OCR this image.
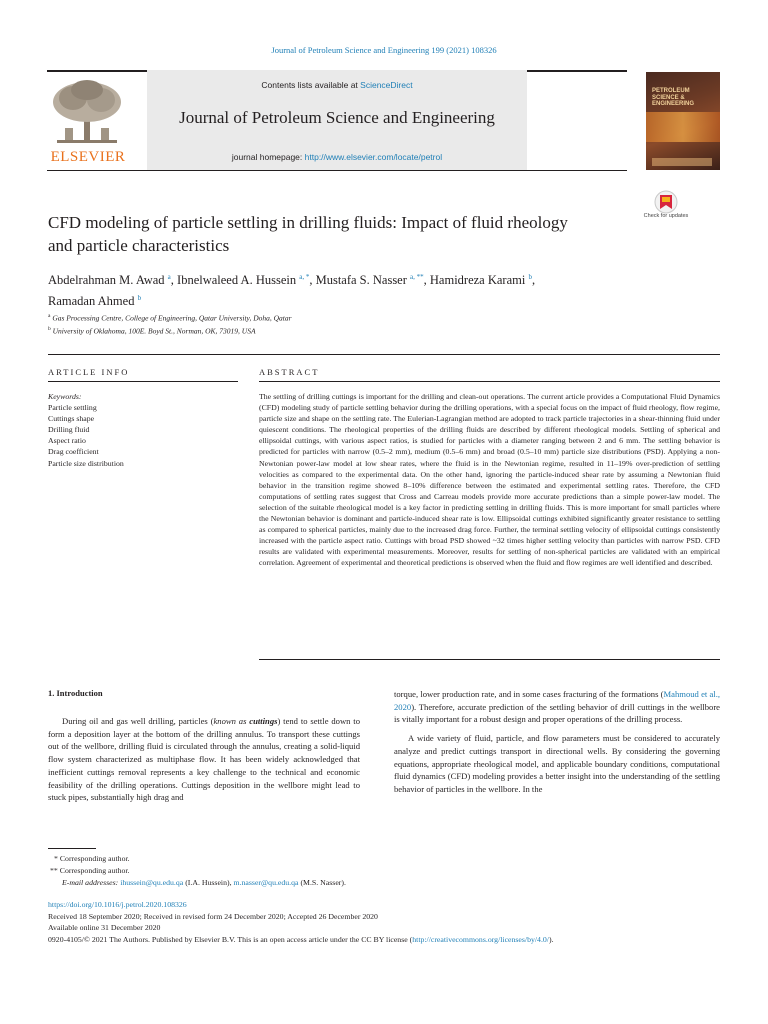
Journal of Petroleum Science and Engineering 199 (2021) 108326
ELSEVIER
Contents lists available at ScienceDirect
Journal of Petroleum Science and Engineering
journal homepage: http://www.elsevier.com/locate/petrol
PETROLEUM SCIENCE & ENGINEERING
CFD modeling of particle settling in drilling fluids: Impact of fluid rheology
and particle characteristics
Check for updates
Abdelrahman M. Awad $^a$, Ibnelwaleed A. Hussein $^{a, *}$, Mustafa S. Nasser $^{a, **}$, Hamidreza Karami $^b$,
Ramadan Ahmed $^b$
$^a$ Gas Processing Centre, College of Engineering, Qatar University, Doha, Qatar
$^b$ University of Oklahoma, 100E. Boyd St., Norman, OK, 73019, USA
ARTICLE INFO	ABSTRACT
Keywords:
Particle settling
Cuttings shape
Drilling fluid
Aspect ratio
Drag coefficient
Particle size distribution

The settling of drilling cuttings is important for the drilling and clean-out operations. The current article provides a Computational Fluid Dynamics (CFD) modeling study of particle settling behavior during the drilling operations, with a special focus on the impact of fluid rheology, flow regime, particle size and shape on the settling rate. The Eulerian-Lagrangian method are adopted to track particle trajectories in a shear-thinning fluid under quiescent conditions. The rheological properties of the drilling fluids are described by different rheological models. Settling of spherical and ellipsoidal cuttings, with various aspect ratios, is studied for particles with a diameter ranging between 2 and 6 mm. The settling behavior is predicted for particles with narrow (0.5–2 mm), medium (0.5–6 mm) and broad (0.5–10 mm) particle size distributions (PSD). Applying a non-Newtonian power-law model at low shear rates, where the fluid is in the Newtonian regime, resulted in 11–19% over-prediction of settling velocities as compared to the experimental data. On the other hand, ignoring the particle-induced shear rate by assuming a Newtonian fluid behavior in the transition regime showed 8–10% difference between the estimated and experimental settling rates. Therefore, the CFD computations of settling rates suggest that Cross and Carreau models provide more accurate predictions than a simple power-law model. The selection of the suitable rheological model is a key factor in predicting settling in drilling fluids. This is more important for small particles where the Newtonian behavior is dominant and particle-induced shear rate is low. Ellipsoidal cuttings exhibited significantly greater resistance to settling as compared to spherical particles, mainly due to the increased drag force. Further, the terminal settling velocity of ellipsoidal cuttings consistently increased with the particle aspect ratio. Cuttings with broad PSD showed ~32 times higher settling velocity than particles with narrow PSD. CFD results are validated with experimental measurements. Moreover, results for settling of non-spherical particles are validated with an empirical correlation. Agreement of experimental and theoretical predictions is observed when the fluid and flow regimes are well identified and described.

1. Introduction

During oil and gas well drilling, particles (known as cuttings) tend to settle down to form a deposition layer at the bottom of the drilling annulus. To transport these cuttings out of the wellbore, drilling fluid is circulated through the annulus, creating a solid-liquid flow system characterized as multiphase flow. It has been widely acknowledged that inefficient cuttings removal represents a key challenge to the technical and economic feasibility of the drilling operations. Cuttings deposition in the wellbore might lead to stuck pipes, substantially high drag and

torque, lower production rate, and in some cases fracturing of the formations (Mahmoud et al., 2020). Therefore, accurate prediction of the settling behavior of drill cuttings in the wellbore is vitally important for a robust design and proper operations of the drilling process.

A wide variety of fluid, particle, and flow parameters must be considered to accurately analyze and predict cuttings transport in directional wells. By considering the governing equations, appropriate rheological model, and applicable boundary conditions, computational fluid dynamics (CFD) modeling provides a better insight into the understanding of the settling behavior of particles in the wellbore. In the

* Corresponding author.
** Corresponding author.
E-mail addresses: ihussein@qu.edu.qa (I.A. Hussein), m.nasser@qu.edu.qa (M.S. Nasser).
https://doi.org/10.1016/j.petrol.2020.108326
Received 18 September 2020; Received in revised form 24 December 2020; Accepted 26 December 2020
Available online 31 December 2020
0920-4105/© 2021 The Authors. Published by Elsevier B.V. This is an open access article under the CC BY license (http://creativecommons.org/licenses/by/4.0/).
